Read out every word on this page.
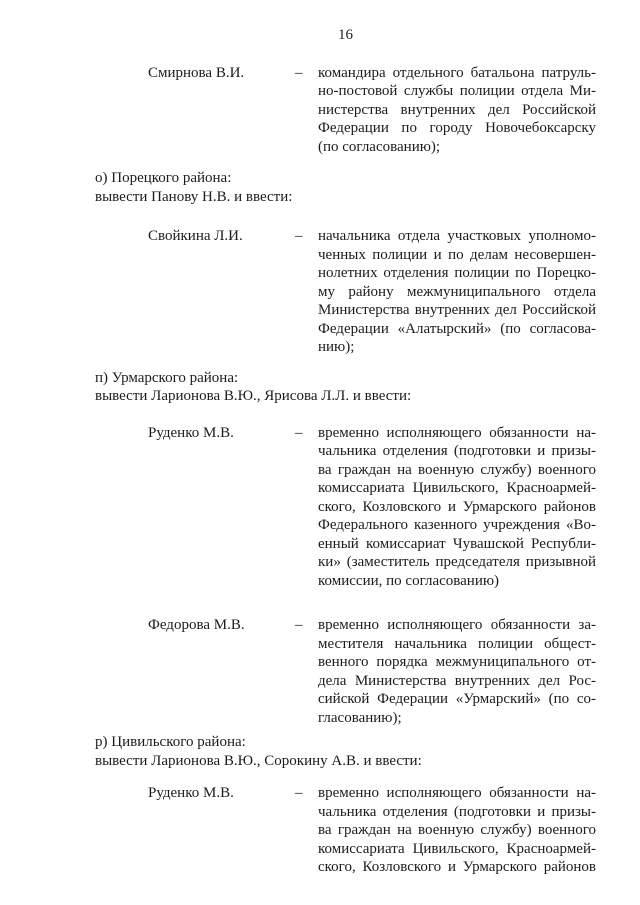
16
Смирнова В.И.	–	командира отдельного батальона патруль-
но-постовой службы полиции отдела Ми-
нистерства внутренних дел Российской
Федерации по городу Новочебоксарску
(по согласованию);
о) Порецкого района:
вывести Панову Н.В. и ввести:
Свойкина Л.И.	–	начальника отдела участковых уполномо-
ченных полиции и по делам несовершен-
нолетних отделения полиции по Порецко-
му району межмуниципального отдела
Министерства внутренних дел Российской
Федерации «Алатырский» (по согласова-
нию);
п) Урмарского района:
вывести Ларионова В.Ю., Ярисова Л.Л. и ввести:
Руденко М.В.	–	временно исполняющего обязанности на-
чальника отделения (подготовки и призы-
ва граждан на военную службу) военного
комиссариата Цивильского, Красноармей-
ского, Козловского и Урмарского районов
Федерального казенного учреждения «Во-
енный комиссариат Чувашской Республи-
ки» (заместитель председателя призывной
комиссии, по согласованию)
Федорова М.В.	–	временно исполняющего обязанности за-
местителя начальника полиции общест-
венного порядка межмуниципального от-
дела Министерства внутренних дел Рос-
сийской Федерации «Урмарский» (по со-
гласованию);
р) Цивильского района:
вывести Ларионова В.Ю., Сорокину А.В. и ввести:
Руденко М.В.	–	временно исполняющего обязанности на-
чальника отделения (подготовки и призы-
ва граждан на военную службу) военного
комиссариата Цивильского, Красноармей-
ского, Козловского и Урмарского районов
